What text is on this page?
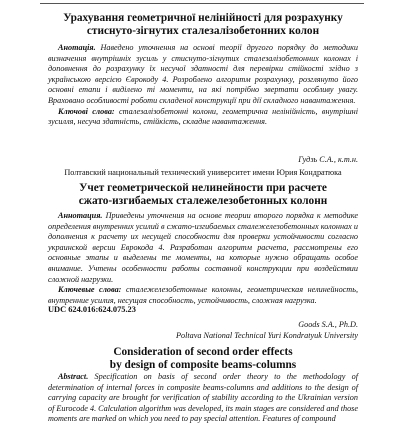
Урахування геометричної нелінійності для розрахунку

стиснуто-зігнутих сталезалізобетонних колон

Анотація. Наведено уточнення на основі теорії другого порядку до методики визначення внутрішніх зусиль у стиснуто-зігнутих сталезалізобетонних колонах і доповнення до розрахунку їх несучої здатності для перевірки стійкості згідно з українською версією Єврокоду 4. Розроблено алгоритм розрахунку, розглянуто його основні етапи і виділено ті моменти, на які потрібно звертати особливу увагу. Враховано особливості роботи складеної конструкції при дії складного навантаження.

Ключові слова: сталезалізобетонні колони, геометрична нелінійність, внутрішні зусилля, несуча здатність, стійкість, складне навантаження.

Гудзь С.А., к.т.н.

Полтавский национальный технический университет имени Юрия Кондратюка

Учет геометрической нелинейности при расчете

сжато-изгибаемых сталежелезобетонных колонн

Аннотация. Приведены уточнения на основе теории второго порядка к методике определения внутренних усилий в сжато-изгибаемых сталежелезобетонных колоннах и дополнения к расчету их несущей способности для проверки устойчивости согласно украинской версии Еврокода 4. Разработан алгоритм расчета, рассмотрены его основные этапы и выделены те моменты, на которые нужно обращать особое внимание. Учтены особенности работы составной конструкции при воздействии сложной нагрузки.

Ключевые слова: сталежелезобетонные колонны, геометрическая нелинейность, внутренние усилия, несущая способность, устойчивость, сложная нагрузка.

UDC 624.016:624.075.23

Goods S.A., Ph.D.

Poltava National Technical Yuri Kondratyuk University

Consideration of second order effects

by design of composite beams-columns

Abstract. Specification on basis of second order theory to the methodology of determination of internal forces in composite beams-columns and additions to the design of carrying capacity are brought for verification of stability according to the Ukrainian version of Eurocode 4. Calculation algorithm was developed, its main stages are considered and those moments are marked on which you need to pay special attention. Features of compound
